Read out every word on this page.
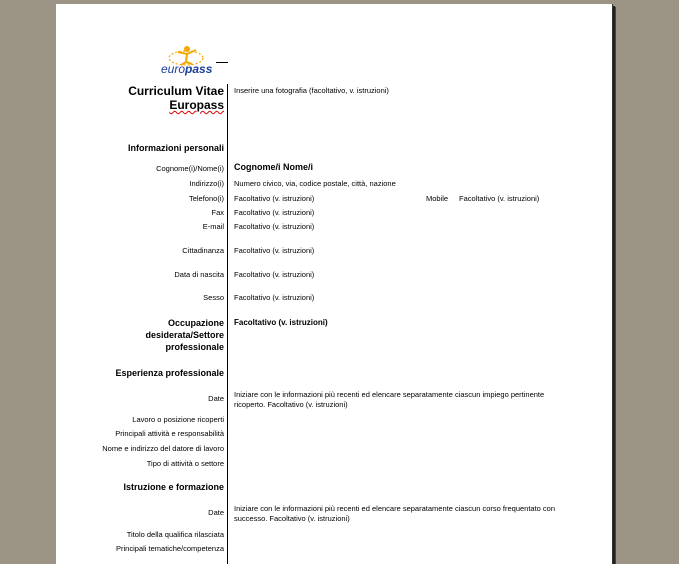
europass
Curriculum Vitae
Europass
Inserire una fotografia (facoltativo, v. istruzioni)
Informazioni personali
Cognome(i)/Nome(i) Cognome/i Nome/i
Indirizzo(i) Numero civico, via, codice postale, città, nazione
Telefono(i) Facoltativo (v. istruzioni)	Mobile Facoltativo (v. istruzioni)
Fax Facoltativo (v. istruzioni)
E-mail Facoltativo (v. istruzioni)
Cittadinanza Facoltativo (v. istruzioni)
Data di nascita Facoltativo (v. istruzioni)
Sesso Facoltativo (v. istruzioni)
Occupazione
desiderata/Settore
professionale
Facoltativo (v. istruzioni)
Esperienza professionale
Date Iniziare con le informazioni più recenti ed elencare separatamente ciascun impiego pertinente
ricoperto. Facoltativo (v. istruzioni)
Lavoro o posizione ricoperti
Principali attività e responsabilità
Nome e indirizzo del datore di lavoro
Tipo di attività o settore
Istruzione e formazione
Date Iniziare con le informazioni più recenti ed elencare separatamente ciascun corso frequentato con
successo. Facoltativo (v. istruzioni)
Titolo della qualifica rilasciata
Principali tematiche/competenza
